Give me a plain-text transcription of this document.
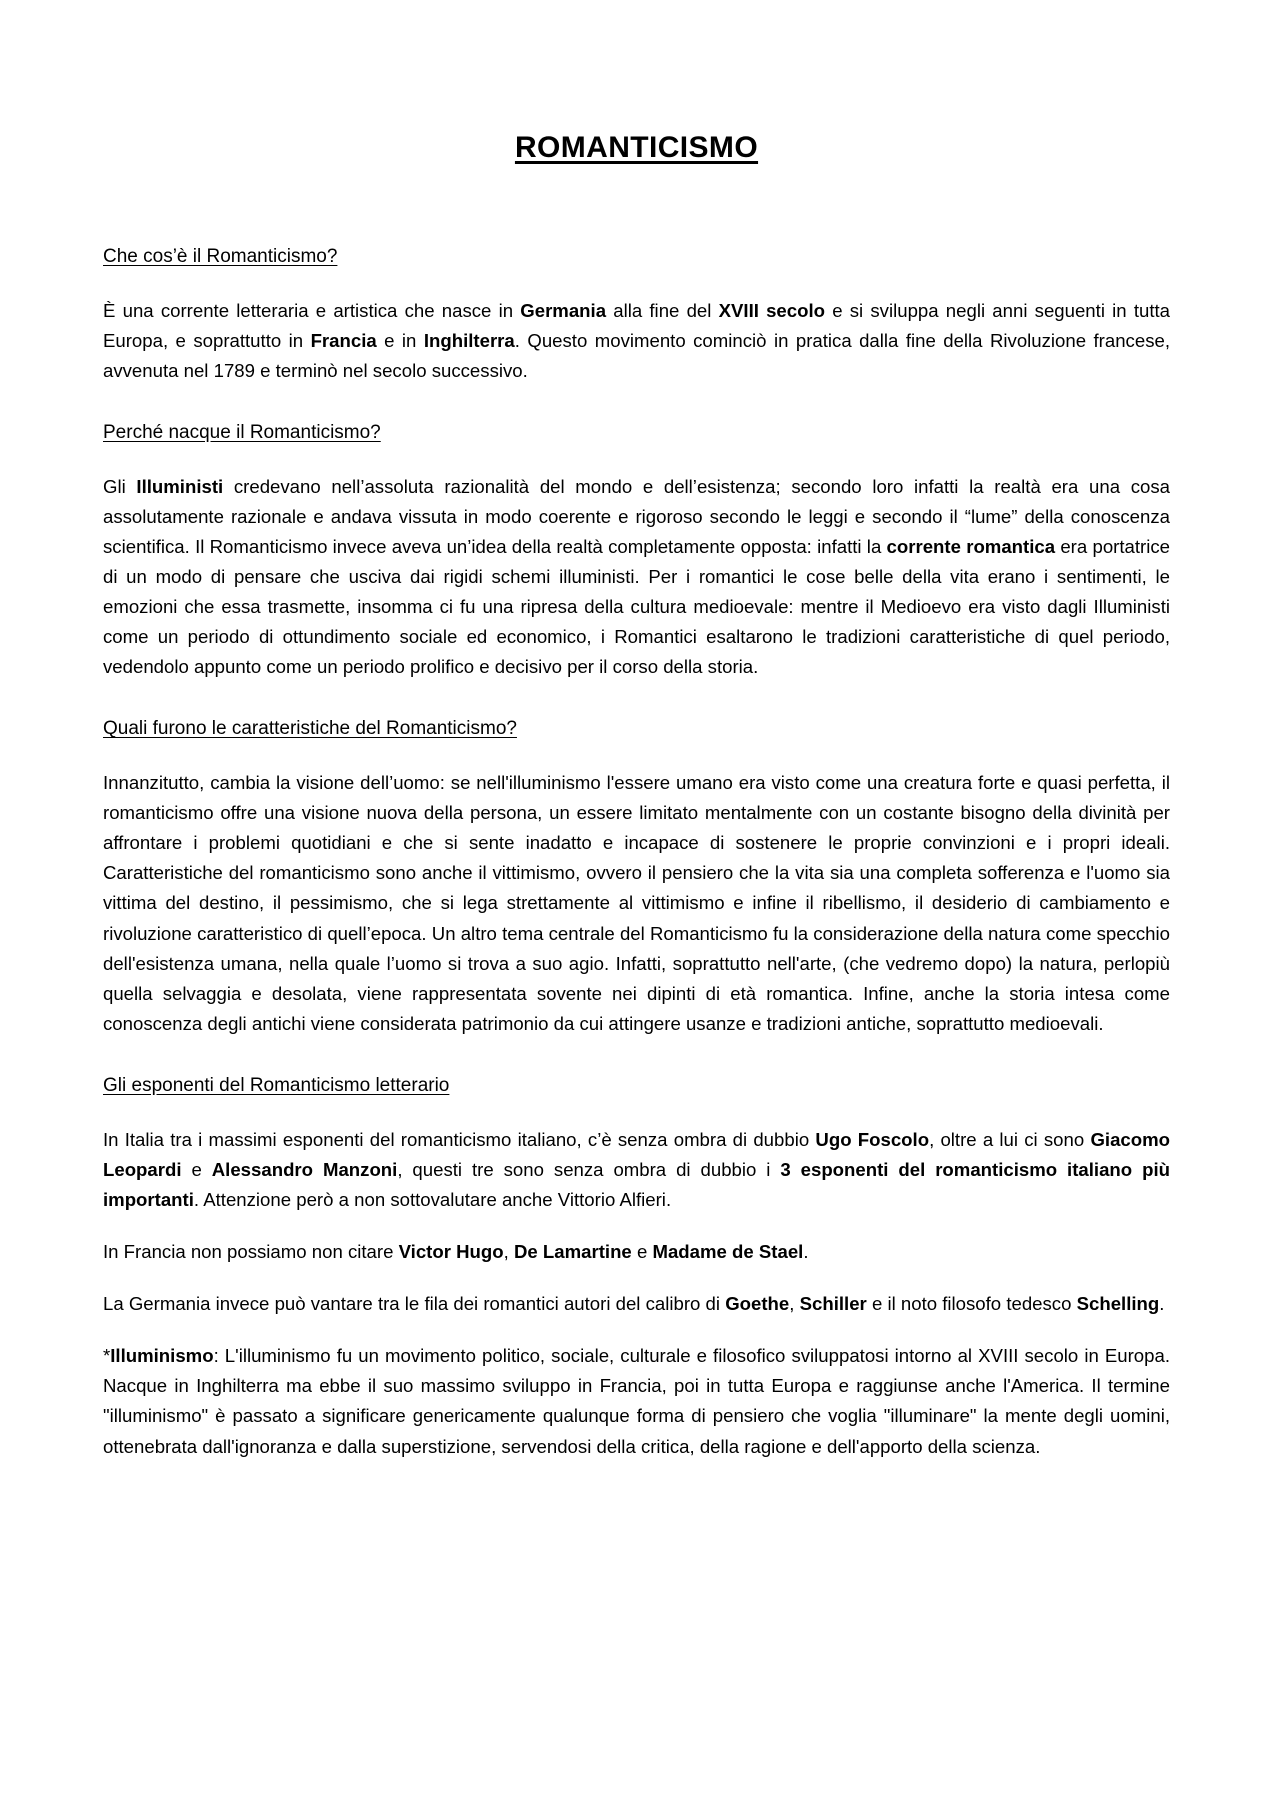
ROMANTICISMO
Che cos’è il Romanticismo?

È una corrente letteraria e artistica che nasce in Germania alla fine del XVIII secolo e si sviluppa negli anni seguenti in tutta Europa, e soprattutto in Francia e in Inghilterra. Questo movimento cominciò in pratica dalla fine della Rivoluzione francese, avvenuta nel 1789 e terminò nel secolo successivo.

Perché nacque il Romanticismo?

Gli Illuministi credevano nell’assoluta razionalità del mondo e dell’esistenza; secondo loro infatti la realtà era una cosa assolutamente razionale e andava vissuta in modo coerente e rigoroso secondo le leggi e secondo il “lume” della conoscenza scientifica. Il Romanticismo invece aveva un’idea della realtà completamente opposta: infatti la corrente romantica era portatrice di un modo di pensare che usciva dai rigidi schemi illuministi. Per i romantici le cose belle della vita erano i sentimenti, le emozioni che essa trasmette, insomma ci fu una ripresa della cultura medioevale: mentre il Medioevo era visto dagli Illuministi come un periodo di ottundimento sociale ed economico, i Romantici esaltarono le tradizioni caratteristiche di quel periodo, vedendolo appunto come un periodo prolifico e decisivo per il corso della storia.

Quali furono le caratteristiche del Romanticismo?

Innanzitutto, cambia la visione dell’uomo: se nell'illuminismo l'essere umano era visto come una creatura forte e quasi perfetta, il romanticismo offre una visione nuova della persona, un essere limitato mentalmente con un costante bisogno della divinità per affrontare i problemi quotidiani e che si sente inadatto e incapace di sostenere le proprie convinzioni e i propri ideali. Caratteristiche del romanticismo sono anche il vittimismo, ovvero il pensiero che la vita sia una completa sofferenza e l'uomo sia vittima del destino, il pessimismo, che si lega strettamente al vittimismo e infine il ribellismo, il desiderio di cambiamento e rivoluzione caratteristico di quell’epoca. Un altro tema centrale del Romanticismo fu la considerazione della natura come specchio dell'esistenza umana, nella quale l’uomo si trova a suo agio. Infatti, soprattutto nell'arte, (che vedremo dopo) la natura, perlopiù quella selvaggia e desolata, viene rappresentata sovente nei dipinti di età romantica. Infine, anche la storia intesa come conoscenza degli antichi viene considerata patrimonio da cui attingere usanze e tradizioni antiche, soprattutto medioevali.

Gli esponenti del Romanticismo letterario

In Italia tra i massimi esponenti del romanticismo italiano, c’è senza ombra di dubbio Ugo Foscolo, oltre a lui ci sono Giacomo Leopardi e Alessandro Manzoni, questi tre sono senza ombra di dubbio i 3 esponenti del romanticismo italiano più importanti. Attenzione però a non sottovalutare anche Vittorio Alfieri.

In Francia non possiamo non citare Victor Hugo, De Lamartine e Madame de Stael.

La Germania invece può vantare tra le fila dei romantici autori del calibro di Goethe, Schiller e il noto filosofo tedesco Schelling.

*Illuminismo: L'illuminismo fu un movimento politico, sociale, culturale e filosofico sviluppatosi intorno al XVIII secolo in Europa. Nacque in Inghilterra ma ebbe il suo massimo sviluppo in Francia, poi in tutta Europa e raggiunse anche l'America. Il termine "illuminismo" è passato a significare genericamente qualunque forma di pensiero che voglia "illuminare" la mente degli uomini, ottenebrata dall'ignoranza e dalla superstizione, servendosi della critica, della ragione e dell'apporto della scienza.
